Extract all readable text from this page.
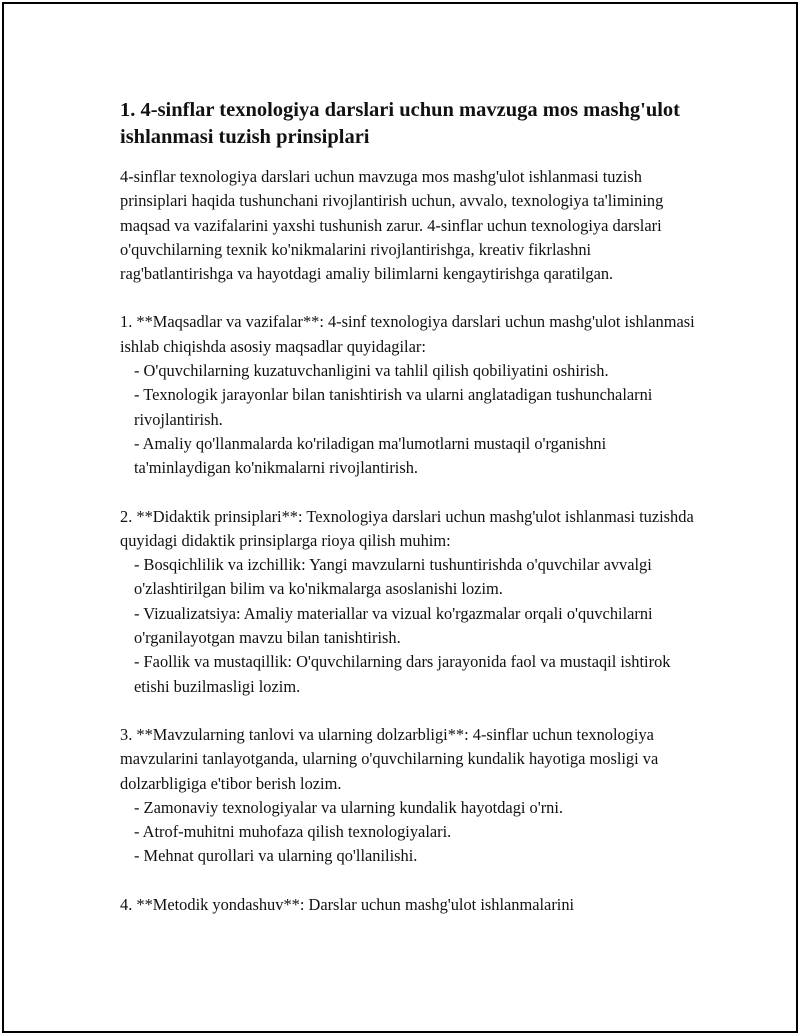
1. 4-sinflar texnologiya darslari uchun mavzuga mos mashg'ulot ishlanmasi tuzish prinsiplari

4-sinflar texnologiya darslari uchun mavzuga mos mashg'ulot ishlanmasi tuzish prinsiplari haqida tushunchani rivojlantirish uchun, avvalo, texnologiya ta'limining maqsad va vazifalarini yaxshi tushunish zarur. 4-sinflar uchun texnologiya darslari o'quvchilarning texnik ko'nikmalarini rivojlantirishga, kreativ fikrlashni rag'batlantirishga va hayotdagi amaliy bilimlarni kengaytirishga qaratilgan.

1. **Maqsadlar va vazifalar**: 4-sinf texnologiya darslari uchun mashg'ulot ishlanmasi ishlab chiqishda asosiy maqsadlar quyidagilar:

- O'quvchilarning kuzatuvchanligini va tahlil qilish qobiliyatini oshirish.

- Texnologik jarayonlar bilan tanishtirish va ularni anglatadigan tushunchalarni rivojlantirish.

- Amaliy qo'llanmalarda ko'riladigan ma'lumotlarni mustaqil o'rganishni ta'minlaydigan ko'nikmalarni rivojlantirish.

2. **Didaktik prinsiplari**: Texnologiya darslari uchun mashg'ulot ishlanmasi tuzishda quyidagi didaktik prinsiplarga rioya qilish muhim:

- Bosqichlilik va izchillik: Yangi mavzularni tushuntirishda o'quvchilar avvalgi o'zlashtirilgan bilim va ko'nikmalarga asoslanishi lozim.

- Vizualizatsiya: Amaliy materiallar va vizual ko'rgazmalar orqali o'quvchilarni o'rganilayotgan mavzu bilan tanishtirish.

- Faollik va mustaqillik: O'quvchilarning dars jarayonida faol va mustaqil ishtirok etishi buzilmasligi lozim.

3. **Mavzularning tanlovi va ularning dolzarbligi**: 4-sinflar uchun texnologiya mavzularini tanlayotganda, ularning o'quvchilarning kundalik hayotiga mosligi va dolzarbligiga e'tibor berish lozim.

- Zamonaviy texnologiyalar va ularning kundalik hayotdagi o'rni.

- Atrof-muhitni muhofaza qilish texnologiyalari.

- Mehnat qurollari va ularning qo'llanilishi.

4. **Metodik yondashuv**: Darslar uchun mashg'ulot ishlanmalarini
